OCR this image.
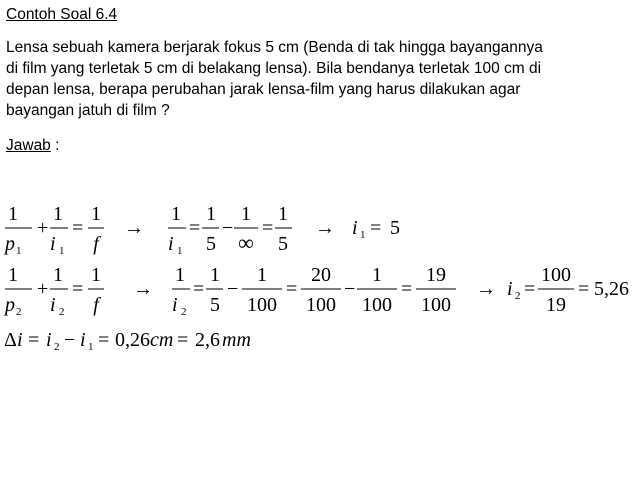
Contoh Soal 6.4
Lensa sebuah kamera berjarak fokus 5 cm (Benda di tak hingga bayangannya
di film yang terletak 5 cm di belakang lensa). Bila bendanya terletak 100 cm di
depan lensa, berapa perubahan jarak lensa-film yang harus dilakukan agar
bayangan jatuh di film ?
Jawab :
1
p 1
+
1
i 1
=
1
f
→
1
i 1
=
1
5
−
1
∞
=
1
5
→ i 1 = 5
1
p 2
+
1
i 2
=
1
f
→
1
i 2
=
1
5
−
1
100
=
20
100
−
1
100
=
19
100
→ i 2 =
100
19
= 5,26
Δ i = i 2 − i 1 = 0,26 cm = 2,6 mm
